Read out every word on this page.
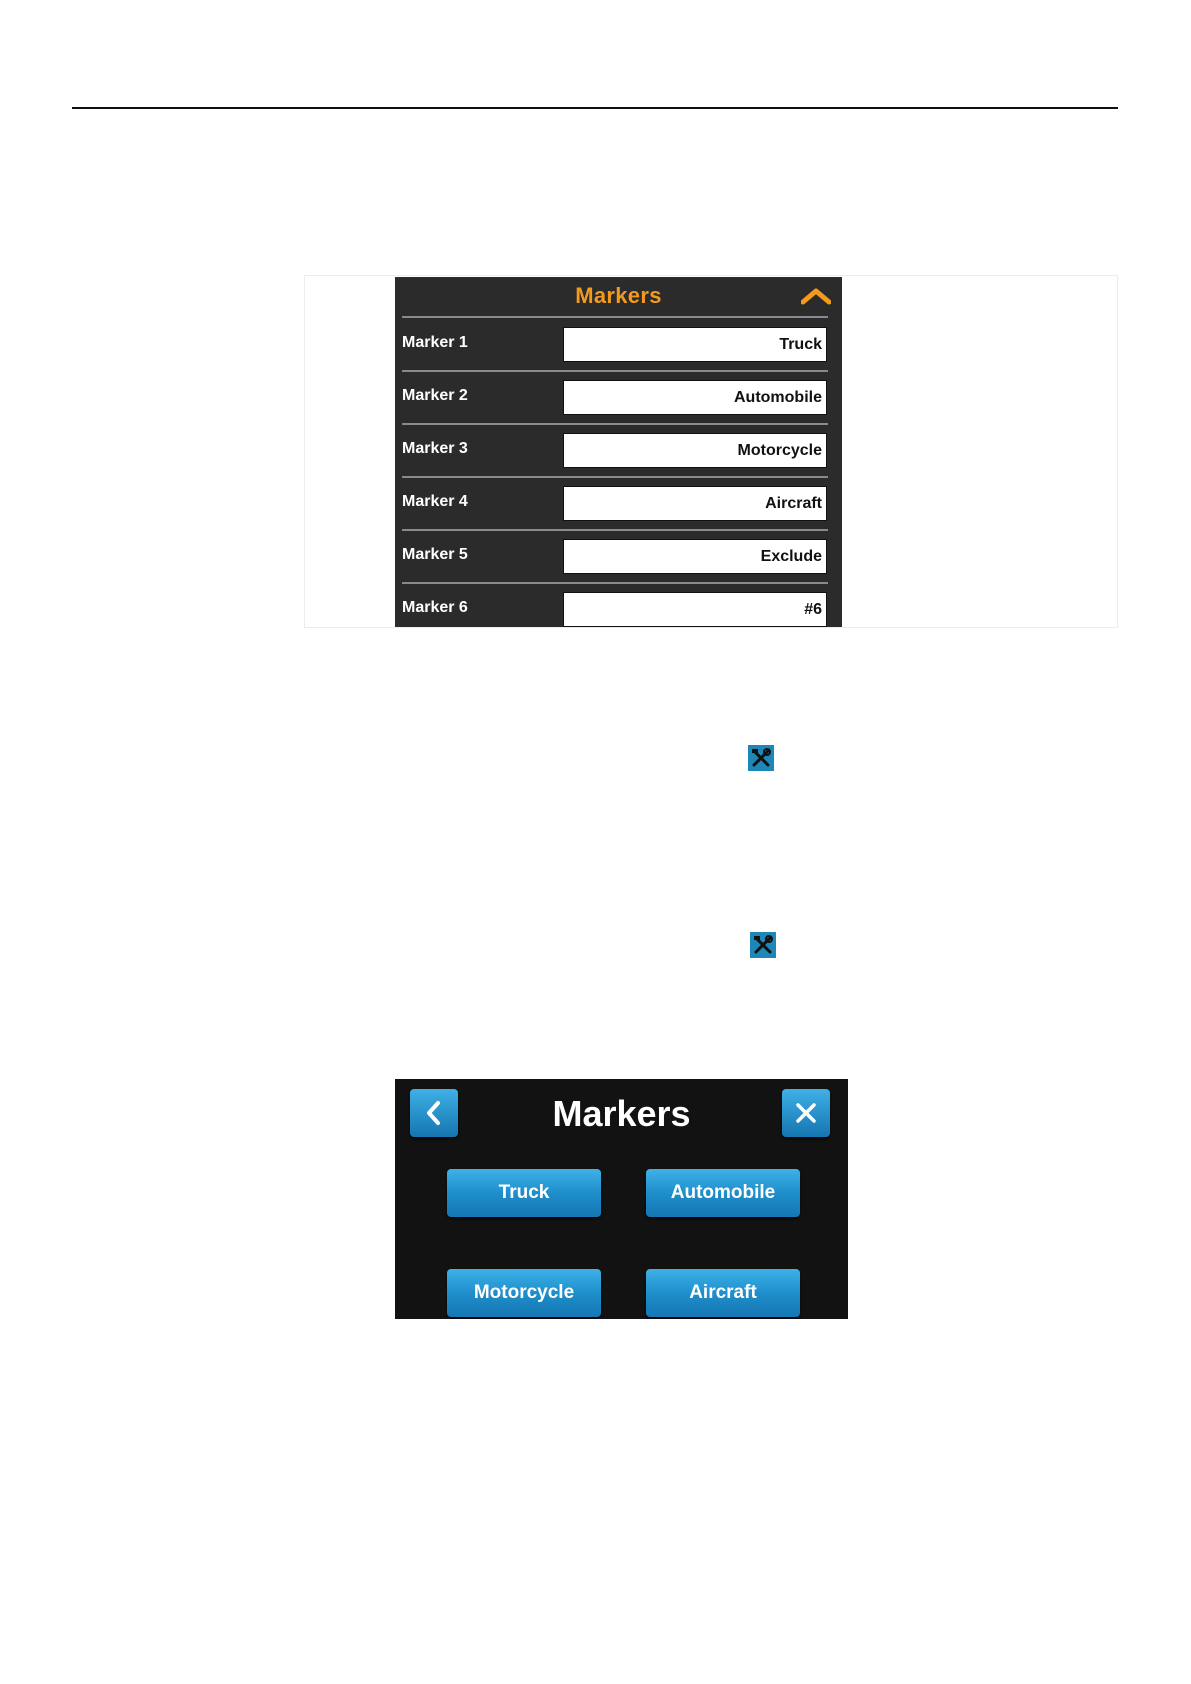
Markers
Marker 1	Truck
Marker 2	Automobile
Marker 3	Motorcycle
Marker 4	Aircraft
Marker 5	Exclude
Marker 6	#6
Markers
Truck	Automobile
Motorcycle	Aircraft
